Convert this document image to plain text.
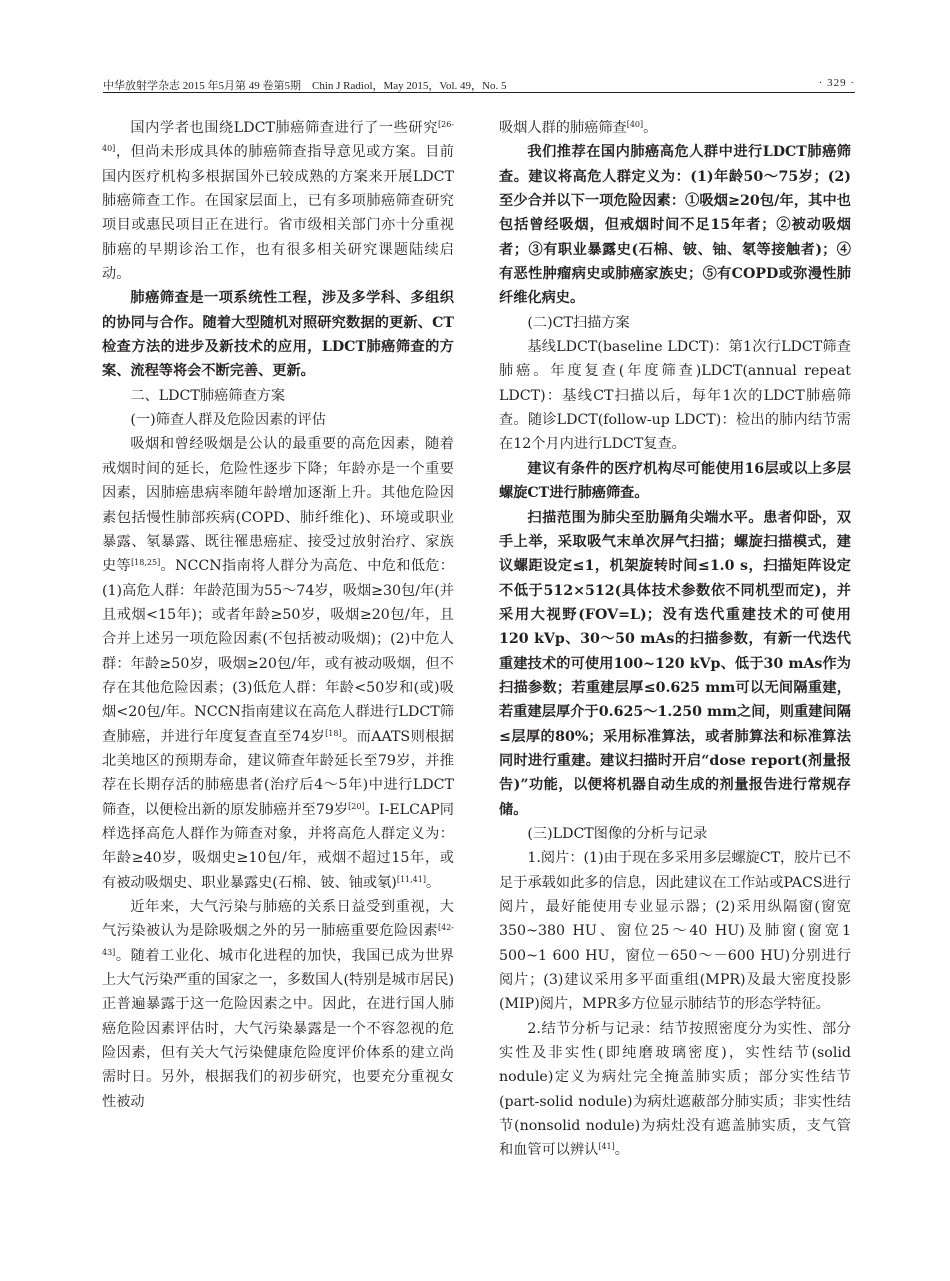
中华放射学杂志 2015 年5月第 49 卷第5期　Chin J Radiol，May 2015，Vol. 49，No. 5	· 329 ·

国内学者也围绕LDCT肺癌筛查进行了一些研究[26-40]，但尚未形成具体的肺癌筛查指导意见或方案。目前国内医疗机构多根据国外已较成熟的方案来开展LDCT肺癌筛查工作。在国家层面上，已有多项肺癌筛查研究项目或惠民项目正在进行。省市级相关部门亦十分重视肺癌的早期诊治工作，也有很多相关研究课题陆续启动。

肺癌筛查是一项系统性工程，涉及多学科、多组织的协同与合作。随着大型随机对照研究数据的更新、CT检查方法的进步及新技术的应用，LDCT肺癌筛查的方案、流程等将会不断完善、更新。

二、LDCT肺癌筛查方案

(一)筛查人群及危险因素的评估

吸烟和曾经吸烟是公认的最重要的高危因素，随着戒烟时间的延长，危险性逐步下降；年龄亦是一个重要因素，因肺癌患病率随年龄增加逐渐上升。其他危险因素包括慢性肺部疾病(COPD、肺纤维化)、环境或职业暴露、氡暴露、既往罹患癌症、接受过放射治疗、家族史等[18,25]。NCCN指南将人群分为高危、中危和低危：(1)高危人群：年龄范围为55～74岁，吸烟≥30包/年(并且戒烟<15年)；或者年龄≥50岁，吸烟≥20包/年，且合并上述另一项危险因素(不包括被动吸烟)；(2)中危人群：年龄≥50岁，吸烟≥20包/年，或有被动吸烟，但不存在其他危险因素；(3)低危人群：年龄<50岁和(或)吸烟<20包/年。NCCN指南建议在高危人群进行LDCT筛查肺癌，并进行年度复查直至74岁[18]。而AATS则根据北美地区的预期寿命，建议筛查年龄延长至79岁，并推荐在长期存活的肺癌患者(治疗后4～5年)中进行LDCT筛查，以便检出新的原发肺癌并至79岁[20]。I-ELCAP同样选择高危人群作为筛查对象，并将高危人群定义为：年龄≥40岁，吸烟史≥10包/年，戒烟不超过15年，或有被动吸烟史、职业暴露史(石棉、铍、铀或氡)[11,41]。

近年来，大气污染与肺癌的关系日益受到重视，大气污染被认为是除吸烟之外的另一肺癌重要危险因素[42-43]。随着工业化、城市化进程的加快，我国已成为世界上大气污染严重的国家之一，多数国人(特别是城市居民)正普遍暴露于这一危险因素之中。因此，在进行国人肺癌危险因素评估时，大气污染暴露是一个不容忽视的危险因素，但有关大气污染健康危险度评价体系的建立尚需时日。另外，根据我们的初步研究，也要充分重视女性被动

吸烟人群的肺癌筛查[40]。

我们推荐在国内肺癌高危人群中进行LDCT肺癌筛查。建议将高危人群定义为：(1)年龄50～75岁；(2)至少合并以下一项危险因素：①吸烟≥20包/年，其中也包括曾经吸烟，但戒烟时间不足15年者；②被动吸烟者；③有职业暴露史(石棉、铍、铀、氡等接触者)；④有恶性肿瘤病史或肺癌家族史；⑤有COPD或弥漫性肺纤维化病史。

(二)CT扫描方案

基线LDCT(baseline LDCT)：第1次行LDCT筛查肺癌。年度复查(年度筛查)LDCT(annual repeat LDCT)：基线CT扫描以后，每年1次的LDCT肺癌筛查。随诊LDCT(follow-up LDCT)：检出的肺内结节需在12个月内进行LDCT复查。

建议有条件的医疗机构尽可能使用16层或以上多层螺旋CT进行肺癌筛查。

扫描范围为肺尖至肋膈角尖端水平。患者仰卧，双手上举，采取吸气末单次屏气扫描；螺旋扫描模式，建议螺距设定≤1，机架旋转时间≤1.0 s，扫描矩阵设定不低于512×512(具体技术参数依不同机型而定)，并采用大视野(FOV=L)；没有迭代重建技术的可使用120 kVp、30～50 mAs的扫描参数，有新一代迭代重建技术的可使用100~120 kVp、低于30 mAs作为扫描参数；若重建层厚≤0.625 mm可以无间隔重建，若重建层厚介于0.625～1.250 mm之间，则重建间隔≤层厚的80%；采用标准算法，或者肺算法和标准算法同时进行重建。建议扫描时开启“dose report(剂量报告)”功能，以便将机器自动生成的剂量报告进行常规存储。

(三)LDCT图像的分析与记录

1.阅片：(1)由于现在多采用多层螺旋CT，胶片已不足于承载如此多的信息，因此建议在工作站或PACS进行阅片，最好能使用专业显示器；(2)采用纵隔窗(窗宽350~380 HU、窗位25～40 HU)及肺窗(窗宽1 500~1 600 HU，窗位－650～－600 HU)分别进行阅片；(3)建议采用多平面重组(MPR)及最大密度投影(MIP)阅片，MPR多方位显示肺结节的形态学特征。

2.结节分析与记录：结节按照密度分为实性、部分实性及非实性(即纯磨玻璃密度)，实性结节(solid nodule)定义为病灶完全掩盖肺实质；部分实性结节(part-solid nodule)为病灶遮蔽部分肺实质；非实性结节(nonsolid nodule)为病灶没有遮盖肺实质，支气管和血管可以辨认[41]。
